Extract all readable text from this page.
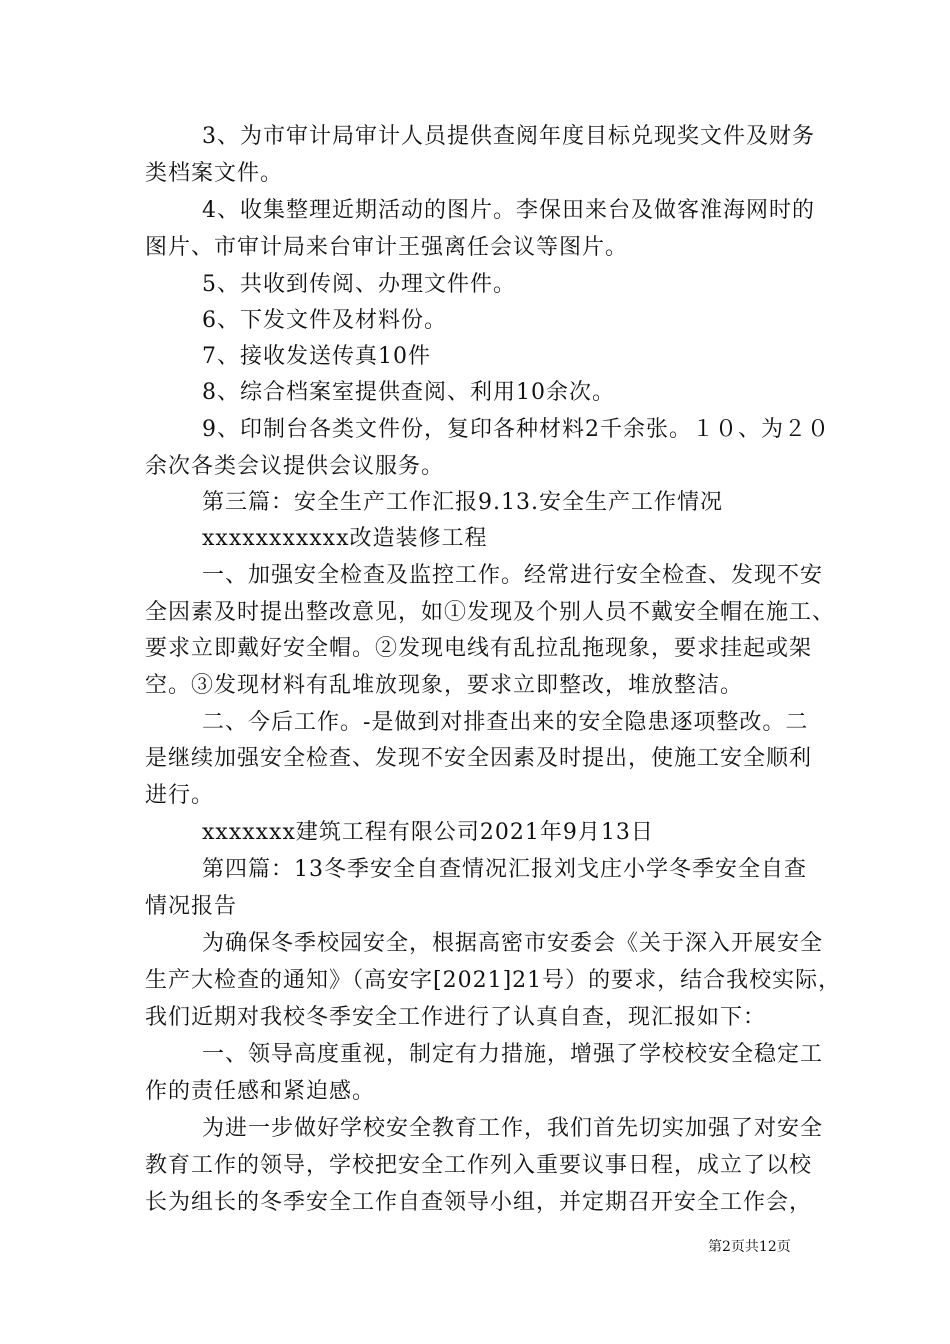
3、为市审计局审计人员提供查阅年度目标兑现奖文件及财务
类档案文件。
4、收集整理近期活动的图片。李保田来台及做客淮海网时的
图片、市审计局来台审计王强离任会议等图片。
5、共收到传阅、办理文件件。
6、下发文件及材料份。
7、接收发送传真10件
8、综合档案室提供查阅、利用10余次。
9、印制台各类文件份，复印各种材料2千余张。１０、为２０
余次各类会议提供会议服务。
第三篇：安全生产工作汇报9.13.安全生产工作情况
xxxxxxxxxxx改造装修工程
一、加强安全检查及监控工作。经常进行安全检查、发现不安
全因素及时提出整改意见，如①发现及个别人员不戴安全帽在施工、
要求立即戴好安全帽。②发现电线有乱拉乱拖现象，要求挂起或架
空。③发现材料有乱堆放现象，要求立即整改，堆放整洁。
二、今后工作。-是做到对排查出来的安全隐患逐项整改。二
是继续加强安全检查、发现不安全因素及时提出，使施工安全顺利
进行。
xxxxxxx建筑工程有限公司2021年9月13日
第四篇：13冬季安全自查情况汇报刘戈庄小学冬季安全自查
情况报告
为确保冬季校园安全，根据高密市安委会《关于深入开展安全
生产大检查的通知》（高安字[2021]21号）的要求，结合我校实际，
我们近期对我校冬季安全工作进行了认真自查，现汇报如下：
一、领导高度重视，制定有力措施，增强了学校校安全稳定工
作的责任感和紧迫感。
为进一步做好学校安全教育工作，我们首先切实加强了对安全
教育工作的领导，学校把安全工作列入重要议事日程，成立了以校
长为组长的冬季安全工作自查领导小组，并定期召开安全工作会，
第2页共12页
